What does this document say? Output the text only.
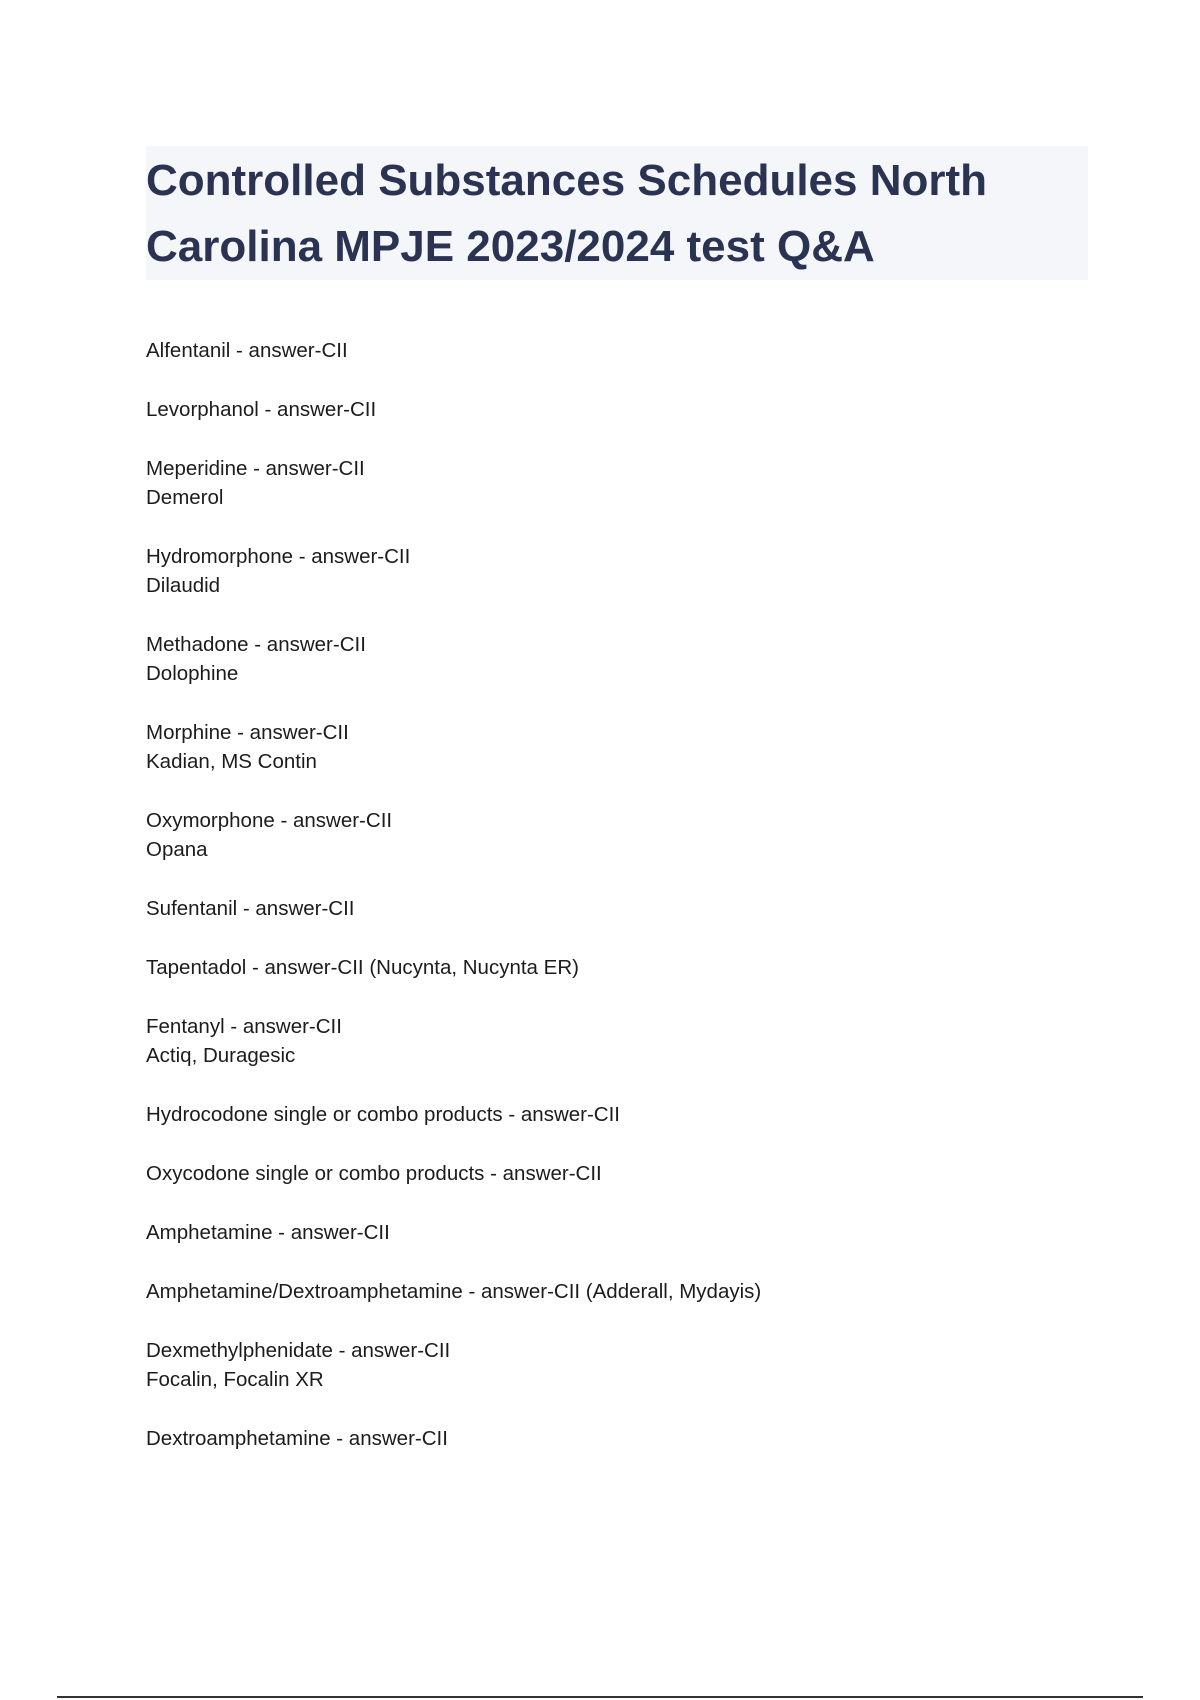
Controlled Substances Schedules North
Carolina MPJE 2023/2024 test Q&A
Alfentanil - answer-CII
Levorphanol - answer-CII
Meperidine - answer-CII
Demerol
Hydromorphone - answer-CII
Dilaudid
Methadone - answer-CII
Dolophine
Morphine - answer-CII
Kadian, MS Contin
Oxymorphone - answer-CII
Opana
Sufentanil - answer-CII
Tapentadol - answer-CII (Nucynta, Nucynta ER)
Fentanyl - answer-CII
Actiq, Duragesic
Hydrocodone single or combo products - answer-CII
Oxycodone single or combo products - answer-CII
Amphetamine - answer-CII
Amphetamine/Dextroamphetamine - answer-CII (Adderall, Mydayis)
Dexmethylphenidate - answer-CII
Focalin, Focalin XR
Dextroamphetamine - answer-CII
